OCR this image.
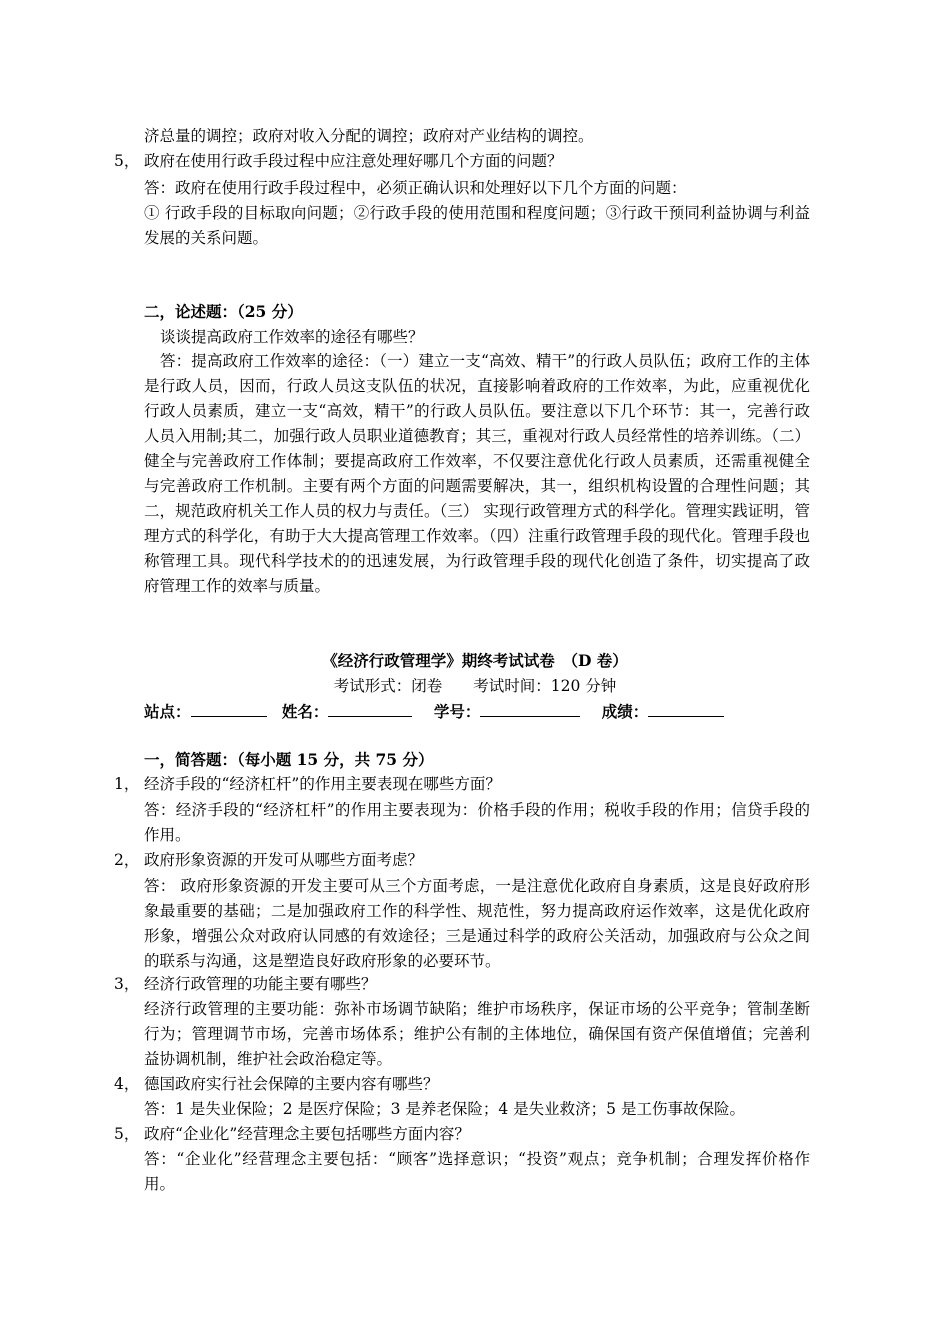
济总量的调控；政府对收入分配的调控；政府对产业结构的调控。
5， 政府在使用行政手段过程中应注意处理好哪几个方面的问题？
答：政府在使用行政手段过程中，必须正确认识和处理好以下几个方面的问题：
① 行政手段的目标取向问题；②行政手段的使用范围和程度问题；③行政干预同利益协调与利益发展的关系问题。
二，论述题：（25 分）
谈谈提高政府工作效率的途径有哪些？
答：提高政府工作效率的途径：（一）建立一支“高效、精干”的行政人员队伍；政府工作的主体是行政人员，因而，行政人员这支队伍的状况，直接影响着政府的工作效率，为此，应重视优化行政人员素质，建立一支“高效，精干”的行政人员队伍。要注意以下几个环节：其一，完善行政人员入用制;其二，加强行政人员职业道德教育；其三，重视对行政人员经常性的培养训练。（二）健全与完善政府工作体制；要提高政府工作效率，不仅要注意优化行政人员素质，还需重视健全与完善政府工作机制。主要有两个方面的问题需要解决，其一，组织机构设置的合理性问题；其二，规范政府机关工作人员的权力与责任。（三） 实现行政管理方式的科学化。管理实践证明，管理方式的科学化，有助于大大提高管理工作效率。（四）注重行政管理手段的现代化。管理手段也称管理工具。现代科学技术的的迅速发展，为行政管理手段的现代化创造了条件，切实提高了政府管理工作的效率与质量。
《经济行政管理学》期终考试试卷　（D 卷）
考试形式：闭卷　　考试时间：120 分钟
站点：	姓名：	学号：	成绩：
一，简答题：（每小题 15 分，共 75 分）
1， 经济手段的“经济杠杆”的作用主要表现在哪些方面？
答：经济手段的“经济杠杆”的作用主要表现为：价格手段的作用；税收手段的作用；信贷手段的作用。
2， 政府形象资源的开发可从哪些方面考虑？
答： 政府形象资源的开发主要可从三个方面考虑，一是注意优化政府自身素质，这是良好政府形象最重要的基础；二是加强政府工作的科学性、规范性，努力提高政府运作效率，这是优化政府形象，增强公众对政府认同感的有效途径；三是通过科学的政府公关活动，加强政府与公众之间的联系与沟通，这是塑造良好政府形象的必要环节。
3， 经济行政管理的功能主要有哪些？
经济行政管理的主要功能：弥补市场调节缺陷；维护市场秩序，保证市场的公平竞争；管制垄断行为；管理调节市场，完善市场体系；维护公有制的主体地位，确保国有资产保值增值；完善利益协调机制，维护社会政治稳定等。
4， 德国政府实行社会保障的主要内容有哪些？
答：1 是失业保险；2 是医疗保险；3 是养老保险；4 是失业救济；5 是工伤事故保险。
5， 政府“企业化”经营理念主要包括哪些方面内容？
答：“企业化”经营理念主要包括：“顾客”选择意识；“投资”观点；竞争机制；合理发挥价格作用。
